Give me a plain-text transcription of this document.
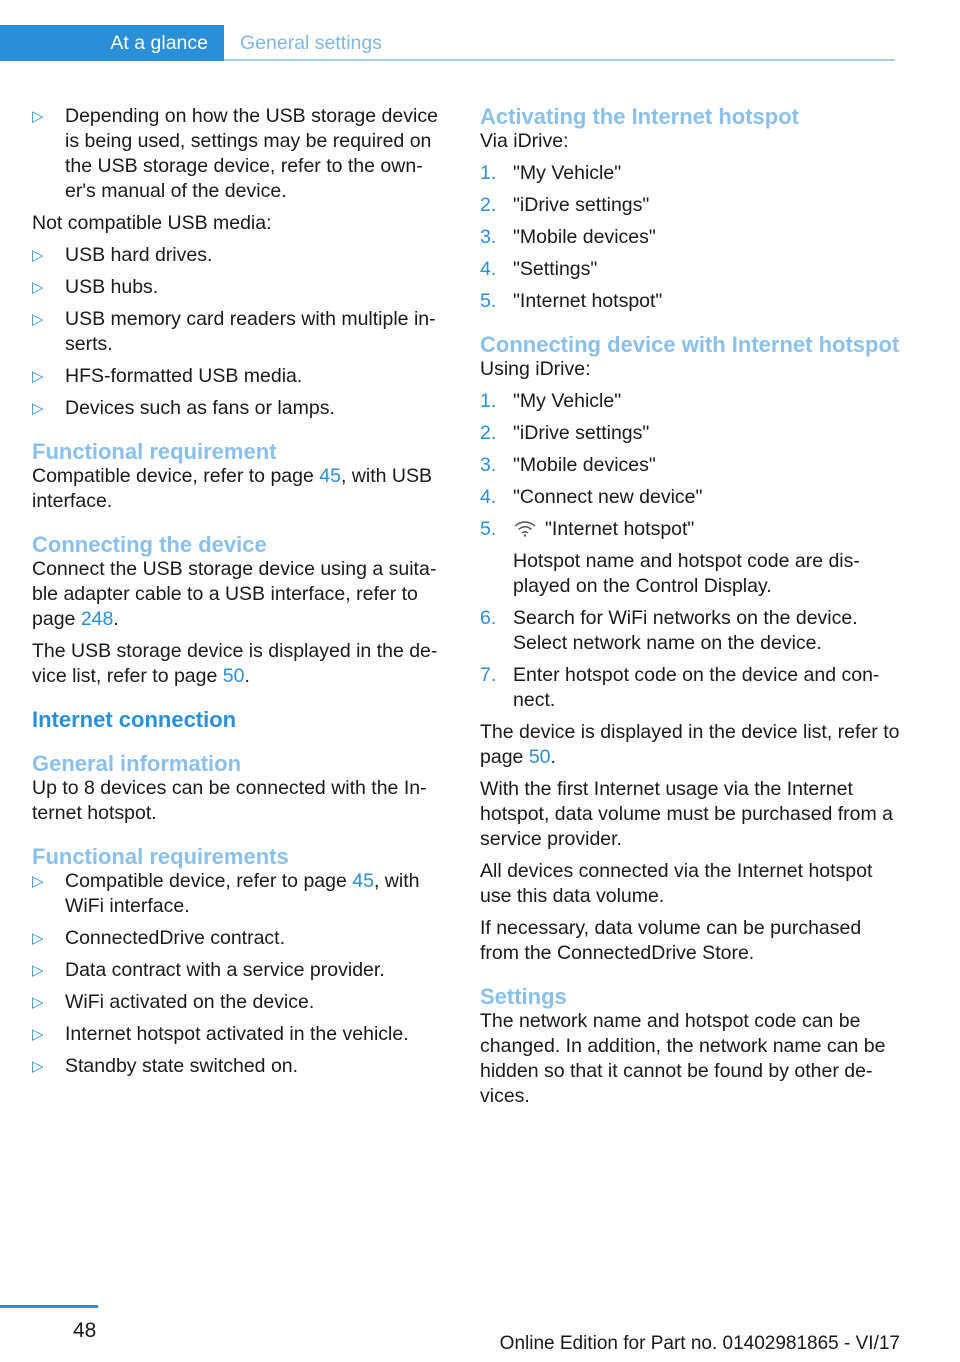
At a glance	General settings
▷ Depending on how the USB storage device is being used, settings may be required on the USB storage device, refer to the own‐er's manual of the device.

Not compatible USB media:

▷ USB hard drives.
▷ USB hubs.
▷ USB memory card readers with multiple in‐serts.
▷ HFS-formatted USB media.
▷ Devices such as fans or lamps.
Functional requirement

Compatible device, refer to page 45, with USB interface.

Connecting the device

Connect the USB storage device using a suita‐ble adapter cable to a USB interface, refer to page 248.

The USB storage device is displayed in the de‐vice list, refer to page 50.

Internet connection
General information

Up to 8 devices can be connected with the In‐ternet hotspot.

Functional requirements
▷ Compatible device, refer to page 45, with WiFi interface.
▷ ConnectedDrive contract.
▷ Data contract with a service provider.
▷ WiFi activated on the device.
▷ Internet hotspot activated in the vehicle.
▷ Standby state switched on.
Activating the Internet hotspot

Via iDrive:

1. "My Vehicle"
2. "iDrive settings"
3. "Mobile devices"
4. "Settings"
5. "Internet hotspot"
Connecting device with Internet hotspot

Using iDrive:

1. "My Vehicle"
2. "iDrive settings"
3. "Mobile devices"
4. "Connect new device"
5. "Internet hotspot"
Hotspot name and hotspot code are dis‐played on the Control Display.
6. Search for WiFi networks on the device. Select network name on the device.
7. Enter hotspot code on the device and con‐nect.

The device is displayed in the device list, refer to page 50.

With the first Internet usage via the Internet hotspot, data volume must be purchased from a service provider.

All devices connected via the Internet hotspot use this data volume.

If necessary, data volume can be purchased from the ConnectedDrive Store.

Settings

The network name and hotspot code can be changed. In addition, the network name can be hidden so that it cannot be found by other de‐vices.

48
Online Edition for Part no. 01402981865 - VI/17
